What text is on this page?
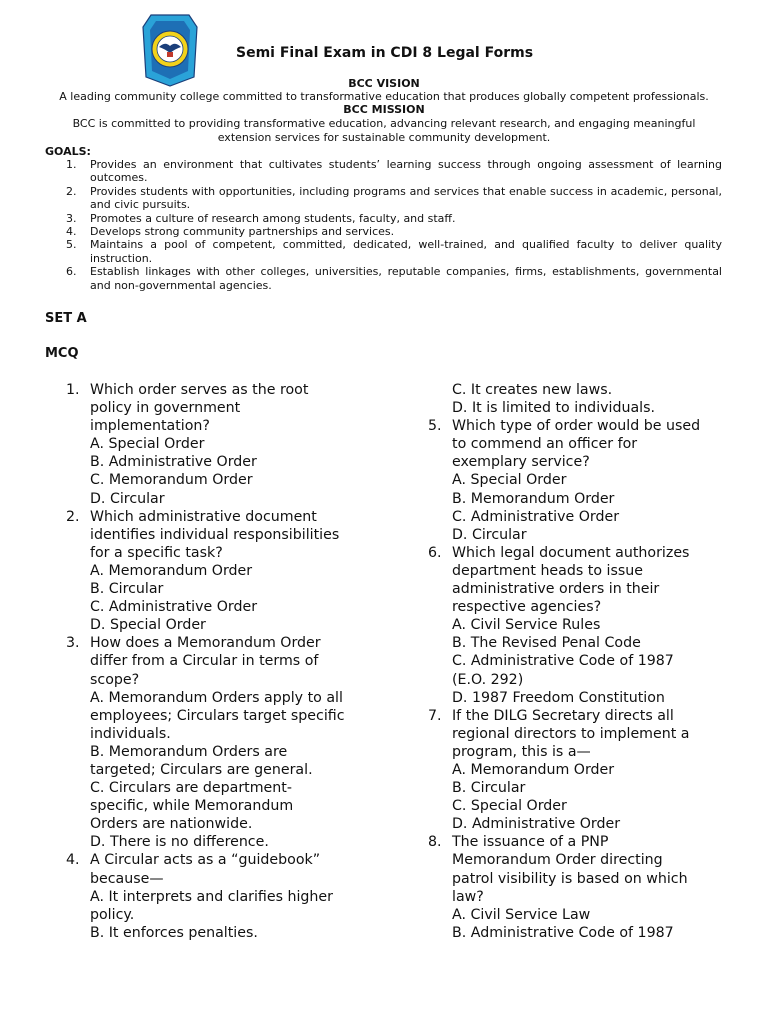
Semi Final Exam in CDI 8 Legal Forms
BCC VISION
A leading community college committed to transformative education that produces globally competent professionals.
BCC MISSION
BCC is committed to providing transformative education, advancing relevant research, and engaging meaningful
extension services for sustainable community development.
GOALS:
1. Provides an environment that cultivates students’ learning success through ongoing assessment of learning outcomes.
2. Provides students with opportunities, including programs and services that enable success in academic, personal, and civic pursuits.
3. Promotes a culture of research among students, faculty, and staff.
4. Develops strong community partnerships and services.
5. Maintains a pool of competent, committed, dedicated, well-trained, and qualified faculty to deliver quality instruction.
6. Establish linkages with other colleges, universities, reputable companies, firms, establishments, governmental and non-governmental agencies.
SET A
MCQ
1. Which order serves as the root
policy in government
implementation?
A. Special Order
B. Administrative Order
C. Memorandum Order
D. Circular
2. Which administrative document
identifies individual responsibilities
for a specific task?
A. Memorandum Order
B. Circular
C. Administrative Order
D. Special Order
3. How does a Memorandum Order
differ from a Circular in terms of
scope?
A. Memorandum Orders apply to all
employees; Circulars target specific
individuals.
B. Memorandum Orders are
targeted; Circulars are general.
C. Circulars are department-
specific, while Memorandum
Orders are nationwide.
D. There is no difference.
4. A Circular acts as a “guidebook”
because—
A. It interprets and clarifies higher
policy.
B. It enforces penalties.
C. It creates new laws.
D. It is limited to individuals.
5. Which type of order would be used
to commend an officer for
exemplary service?
A. Special Order
B. Memorandum Order
C. Administrative Order
D. Circular
6. Which legal document authorizes
department heads to issue
administrative orders in their
respective agencies?
A. Civil Service Rules
B. The Revised Penal Code
C. Administrative Code of 1987
(E.O. 292)
D. 1987 Freedom Constitution
7. If the DILG Secretary directs all
regional directors to implement a
program, this is a—
A. Memorandum Order
B. Circular
C. Special Order
D. Administrative Order
8. The issuance of a PNP
Memorandum Order directing
patrol visibility is based on which
law?
A. Civil Service Law
B. Administrative Code of 1987
